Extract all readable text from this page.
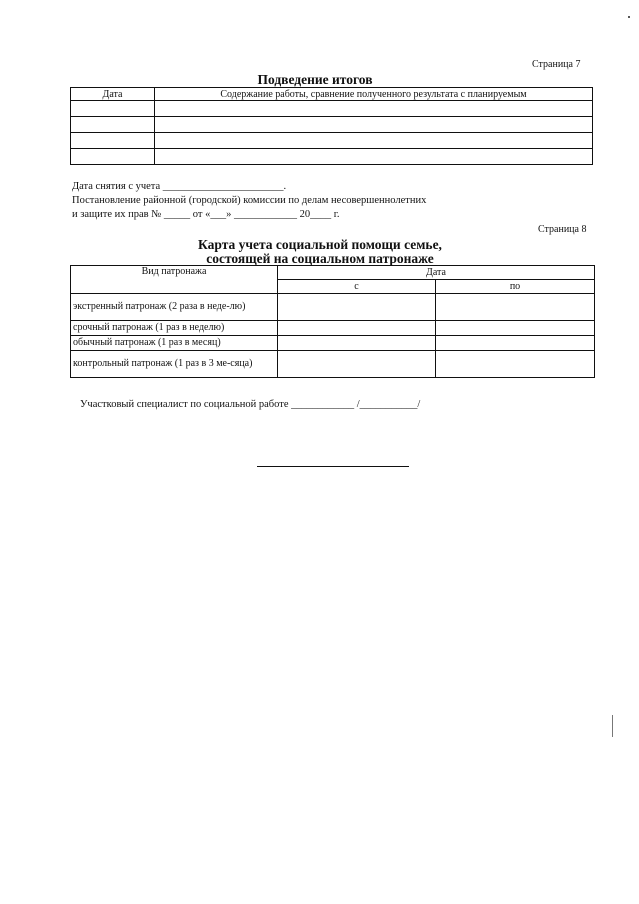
Страница 7
Подведение итогов
Дата	Содержание работы, сравнение полученного результата с планируемым

Дата снятия с учета _______________________.
Постановление районной (городской) комиссии по делам несовершеннолетних
и защите их прав № _____ от «___» ____________ 20____ г.
Страница 8
Карта учета социальной помощи семье,
состоящей на социальном патронаже
Вид патронажа	Дата	
	с	по
экстренный патронаж (2 раза в неде-лю)		
срочный патронаж (1 раз в неделю)		
обычный патронаж (1 раз в месяц)		
контрольный патронаж (1 раз в 3 ме-сяца)		
Участковый специалист по социальной работе ____________ /___________/
